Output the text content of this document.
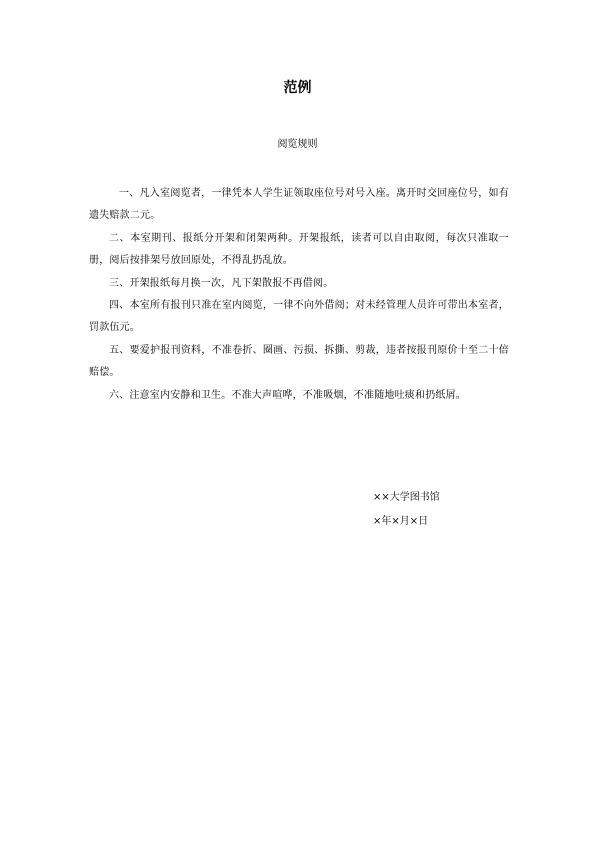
范例
阅览规则

一、凡入室阅览者，一律凭本人学生证领取座位号对号入座。离开时交回座位号，如有遗失赔款二元。

二、本室期刊、报纸分开架和闭架两种。开架报纸，读者可以自由取阅，每次只准取一册，阅后按排架号放回原处，不得乱扔乱放。

三、开架报纸每月换一次，凡下架散报不再借阅。

四、本室所有报刊只准在室内阅览，一律不向外借阅；对未经管理人员许可带出本室者，罚款伍元。

五、要爱护报刊资料，不准卷折、圈画、污损、拆撕、剪裁，违者按报刊原价十至二十倍赔偿。

六、注意室内安静和卫生。不准大声喧哗，不准吸烟，不准随地吐痰和扔纸屑。

××大学图书馆
×年×月×日
